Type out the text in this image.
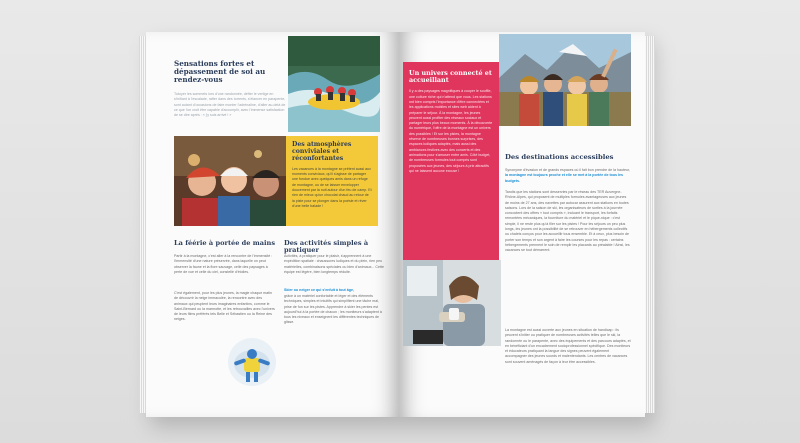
Sensations fortes et dépassement de soi au rendez-vous
Tutoyer les sommets lors d'une randonnée, défier le vertige en s'initiant à l'escalade, rafter dans des torrents, s'élancer en parapente, sont autant d'occasions de faire monter l'adrénaline, d'aller au-delà de ce que l'on croit être capable d'accomplir, avec l'immense satisfaction de se dire après : « j'y suis arrivé ! »
Des atmosphères conviviales et réconfortantes
Les vacances à la montagne se prêtent aussi aux moments conviviaux, qu'il s'agisse de partager une fondue avec quelques amis dans un refuge de montagne, ou de se laisser envelopper doucement par la nuit autour d'un feu de camp. Et rien de mieux qu'un chocolat chaud au retour de la piste pour se plonger dans la poésie et rêver d'une belle balade !
La féérie à portée de mains
Partir à la montagne, c'est aller à la rencontre de l'immensité : l'immensité d'une nature préservée, dans laquelle on peut observer la faune et la flore sauvage, celle des paysages à perte de vue et celle du ciel, constellé d'étoiles.
C'est également, pour les plus jeunes, la magie chaque matin de découvrir la neige immaculée, la rencontre avec des animaux qui peuplent leurs imaginaires enfantins, comme le Saint-Bernard ou la marmotte, et les retrouvailles avec l'univers de leurs films préférés tels Belle et Sébastien ou la Reine des neiges.
Des activités simples à pratiquer
Activités, à pratiquer pour le plaisir, s'apprennent à une expédition spatiale : chaussures ludiques et du plein, rien peu matérielles, combinaisons spéciales ou bien d'animaux... Cette équipe est légère, bien longtemps réduite.
Skier ou neiger ce qui s'enfuit à tout âge,
grâce à un matériel confortable et léger et des éléments techniques, simples et intuitifs qui simplifient une tâche mal, prise de fun sur les pistes. Apprendre à skier les pentes est aujourd'hui à la portée de chacun ; les moniteurs s'adaptent à tous les niveaux et enseignent les différentes techniques de glisse.
Un univers connecté et accueillant
Il y a des paysages magnifiques à couper le souffle, une culture riche qui n'attend que vous. Les stations ont bien compris l'importance d'être connectées et les applications mobiles et sites web aident à préparer le séjour. À la montagne, les jeunes peuvent aussi profiter des réseaux sociaux et partager leurs plus beaux moments. À la découverte du numérique, l'offre de la montagne est un univers des possibles ! Et sur les pistes, la montagne réserve de nombreuses bonnes surprises, des espaces ludiques adaptés, mais aussi des ambiances festives avec des concerts et des animations pour s'amuser entre amis. Côté budget, de nombreuses formules tout compris sont proposées aux jeunes, des séjours à prix attractifs qui ne laissent aucune excuse !
Des destinations accessibles
Synonyme d'évasion et de grands espaces où il fait bon prendre de la hauteur, la montagne est toujours proche et elle se met à la portée de tous les budgets.
Tandis que les stations sont desservies par le réseau des TER Auvergne-Rhône-Alpes, qui proposent de multiples formules avantageuses aux jeunes de moins de 27 ans, des navettes par autocar assurent aux stations en toutes saisons. Lors de la saison de ski, les organisateurs de sorties à la journée concoctent des offres « tout compris », incluant le transport, les forfaits remontées mécaniques, la fourniture du matériel et le pique-nique : c'est simple, il ne reste plus qu'à filer sur les pistes ! Pour les séjours un peu plus longs, les jeunes ont la possibilité de se retrouver en hébergements collectifs ou chalets conçus pour les accueillir tous ensemble. Et à ceux, plus besoin de porter son temps et son argent à faire les courses pour les repas : certains hébergements prennent le soin de remplir les placards au préalable ! Ainsi, les vacances se tout démarrent.
La montagne est aussi ouverte aux jeunes en situation de handicap : ils peuvent s'initier ou pratiquer de nombreuses activités telles que le ski, la randonnée ou le parapente, avec des équipements et des parcours adaptés, et en bénéficiant d'un encadrement socioprofessionnel spécifique. Des moniteurs et éducateurs pratiquant la langue des signes peuvent également accompagner des jeunes sourds et malentendants. Les centres de vacances sont souvent aménagés de façon à leur être accessibles.
